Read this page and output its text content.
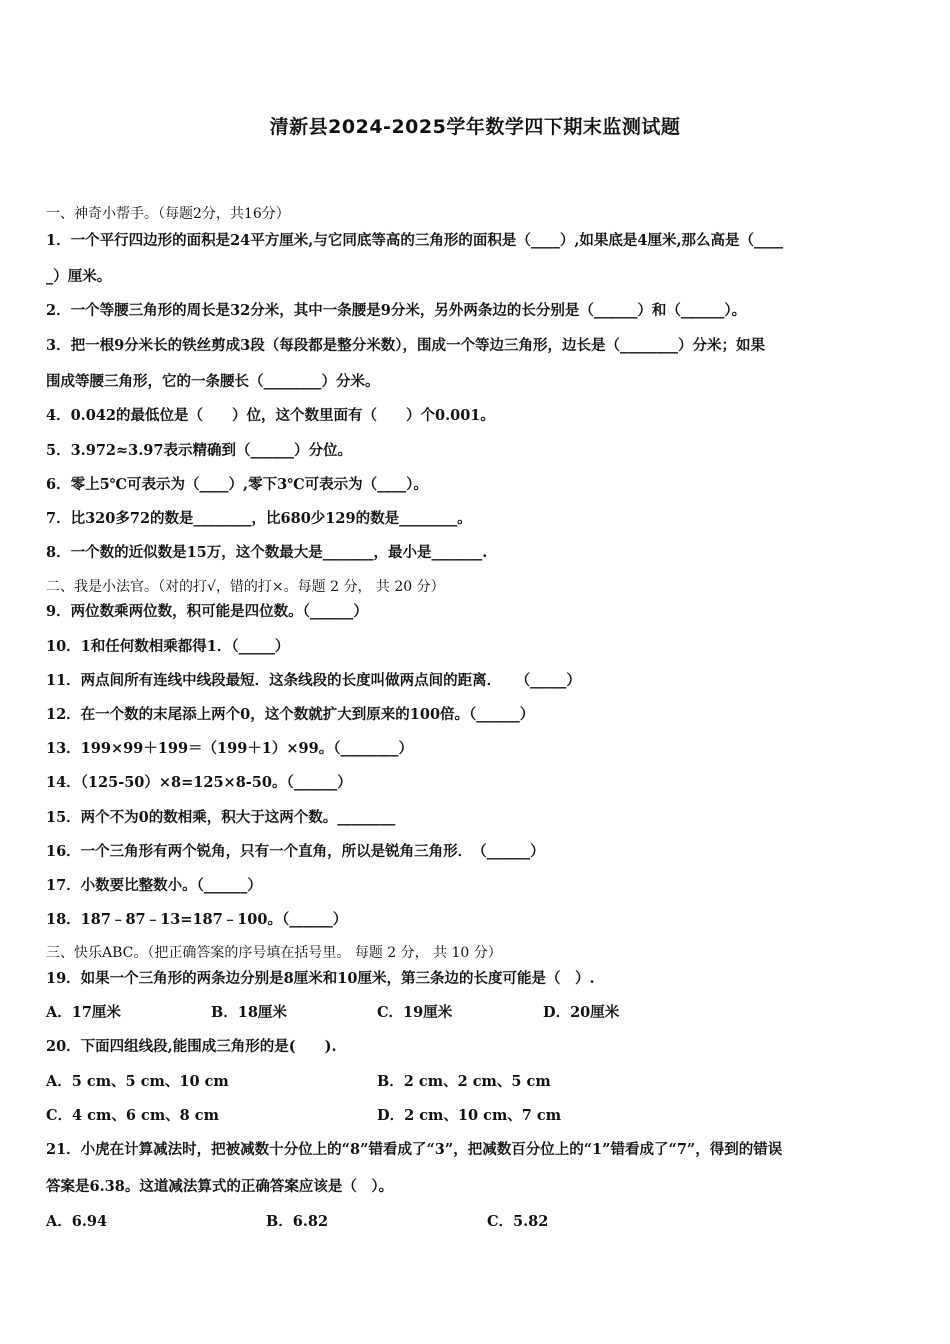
清新县2024-2025学年数学四下期末监测试题
一、神奇小帮手。（每题2分，共16分）
1．一个平行四边形的面积是24平方厘米,与它同底等高的三角形的面积是（____）,如果底是4厘米,那么高是（____
_）厘米。
2．一个等腰三角形的周长是32分米，其中一条腰是9分米，另外两条边的长分别是（______）和（______）。
3．把一根9分米长的铁丝剪成3段（每段都是整分米数），围成一个等边三角形，边长是（________）分米；如果
围成等腰三角形，它的一条腰长（________）分米。
4．0.042的最低位是（　　）位，这个数里面有（　　）个0.001。
5．3.972≈3.97表示精确到（______）分位。
6．零上5℃可表示为（____）,零下3℃可表示为（____）。
7．比320多72的数是________，比680少129的数是________。
8．一个数的近似数是15万，这个数最大是_______，最小是_______.
二、我是小法官。（对的打√，错的打×。每题 2 分， 共 20 分）
9．两位数乘两位数，积可能是四位数。（______）
10．1和任何数相乘都得1．（_____）
11．两点间所有连线中线段最短．这条线段的长度叫做两点间的距离．　　（_____）
12．在一个数的末尾添上两个0，这个数就扩大到原来的100倍。（______）
13．199×99＋199＝（199＋1）×99。（________）
14．（125-50）×8=125×8-50。（______）
15．两个不为0的数相乘，积大于这两个数。________
16．一个三角形有两个锐角，只有一个直角，所以是锐角三角形．　（______）
17．小数要比整数小。（______）
18．187﹣87﹣13=187﹣100。（______）
三、快乐ABC。（把正确答案的序号填在括号里。 每题 2 分， 共 10 分）
19．如果一个三角形的两条边分别是8厘米和10厘米，第三条边的长度可能是（　）.
A．17厘米	B．18厘米	C．19厘米	D．20厘米
20．下面四组线段,能围成三角形的是(　　).
A．5 cm、5 cm、10 cm	B．2 cm、2 cm、5 cm
C．4 cm、6 cm、8 cm	D．2 cm、10 cm、7 cm
21．小虎在计算减法时，把被减数十分位上的“8”错看成了“3”，把减数百分位上的“1”错看成了“7”，得到的错误
答案是6.38。这道减法算式的正确答案应该是（　）。
A．6.94	B．6.82	C．5.82
